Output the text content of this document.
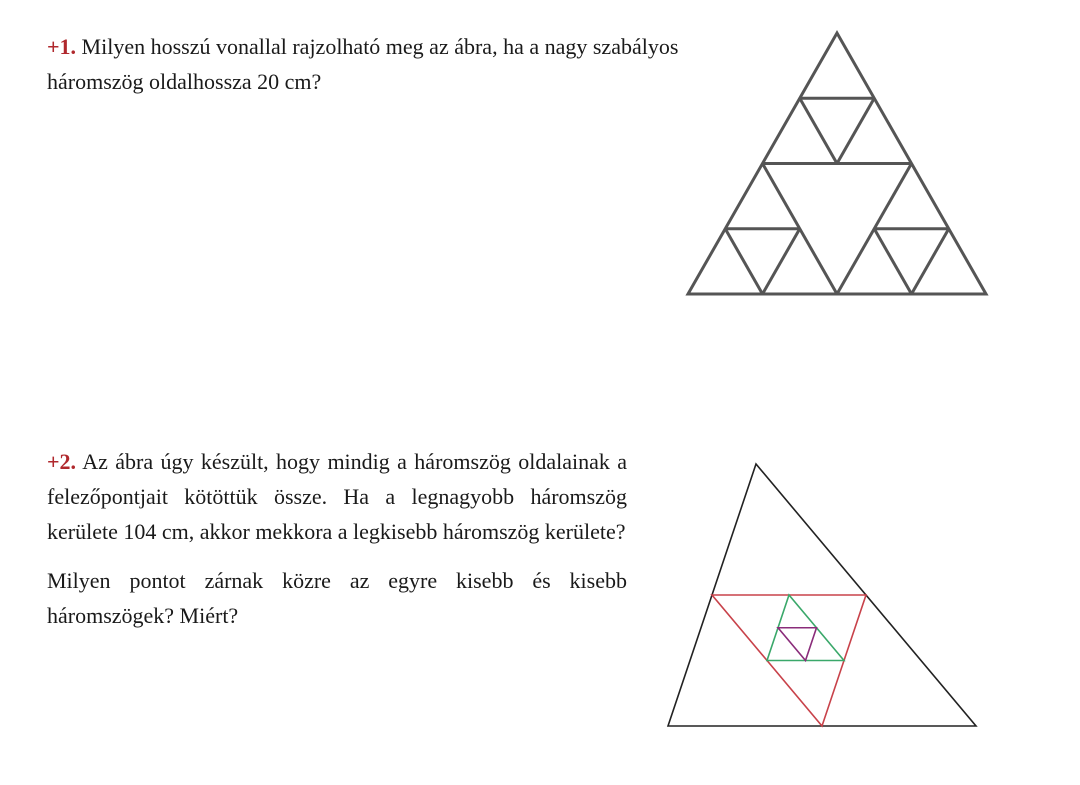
+1. Milyen hosszú vonallal rajzolható meg az ábra, ha a nagy szabályos háromszög oldalhossza 20 cm?

+2. Az ábra úgy készült, hogy mindig a háromszög oldalainak a felezőpontjait kötöttük össze. Ha a legnagyobb háromszög kerülete 104 cm, akkor mekkora a legkisebb háromszög kerülete?

Milyen pontot zárnak közre az egyre kisebb és kisebb háromszögek? Miért?
